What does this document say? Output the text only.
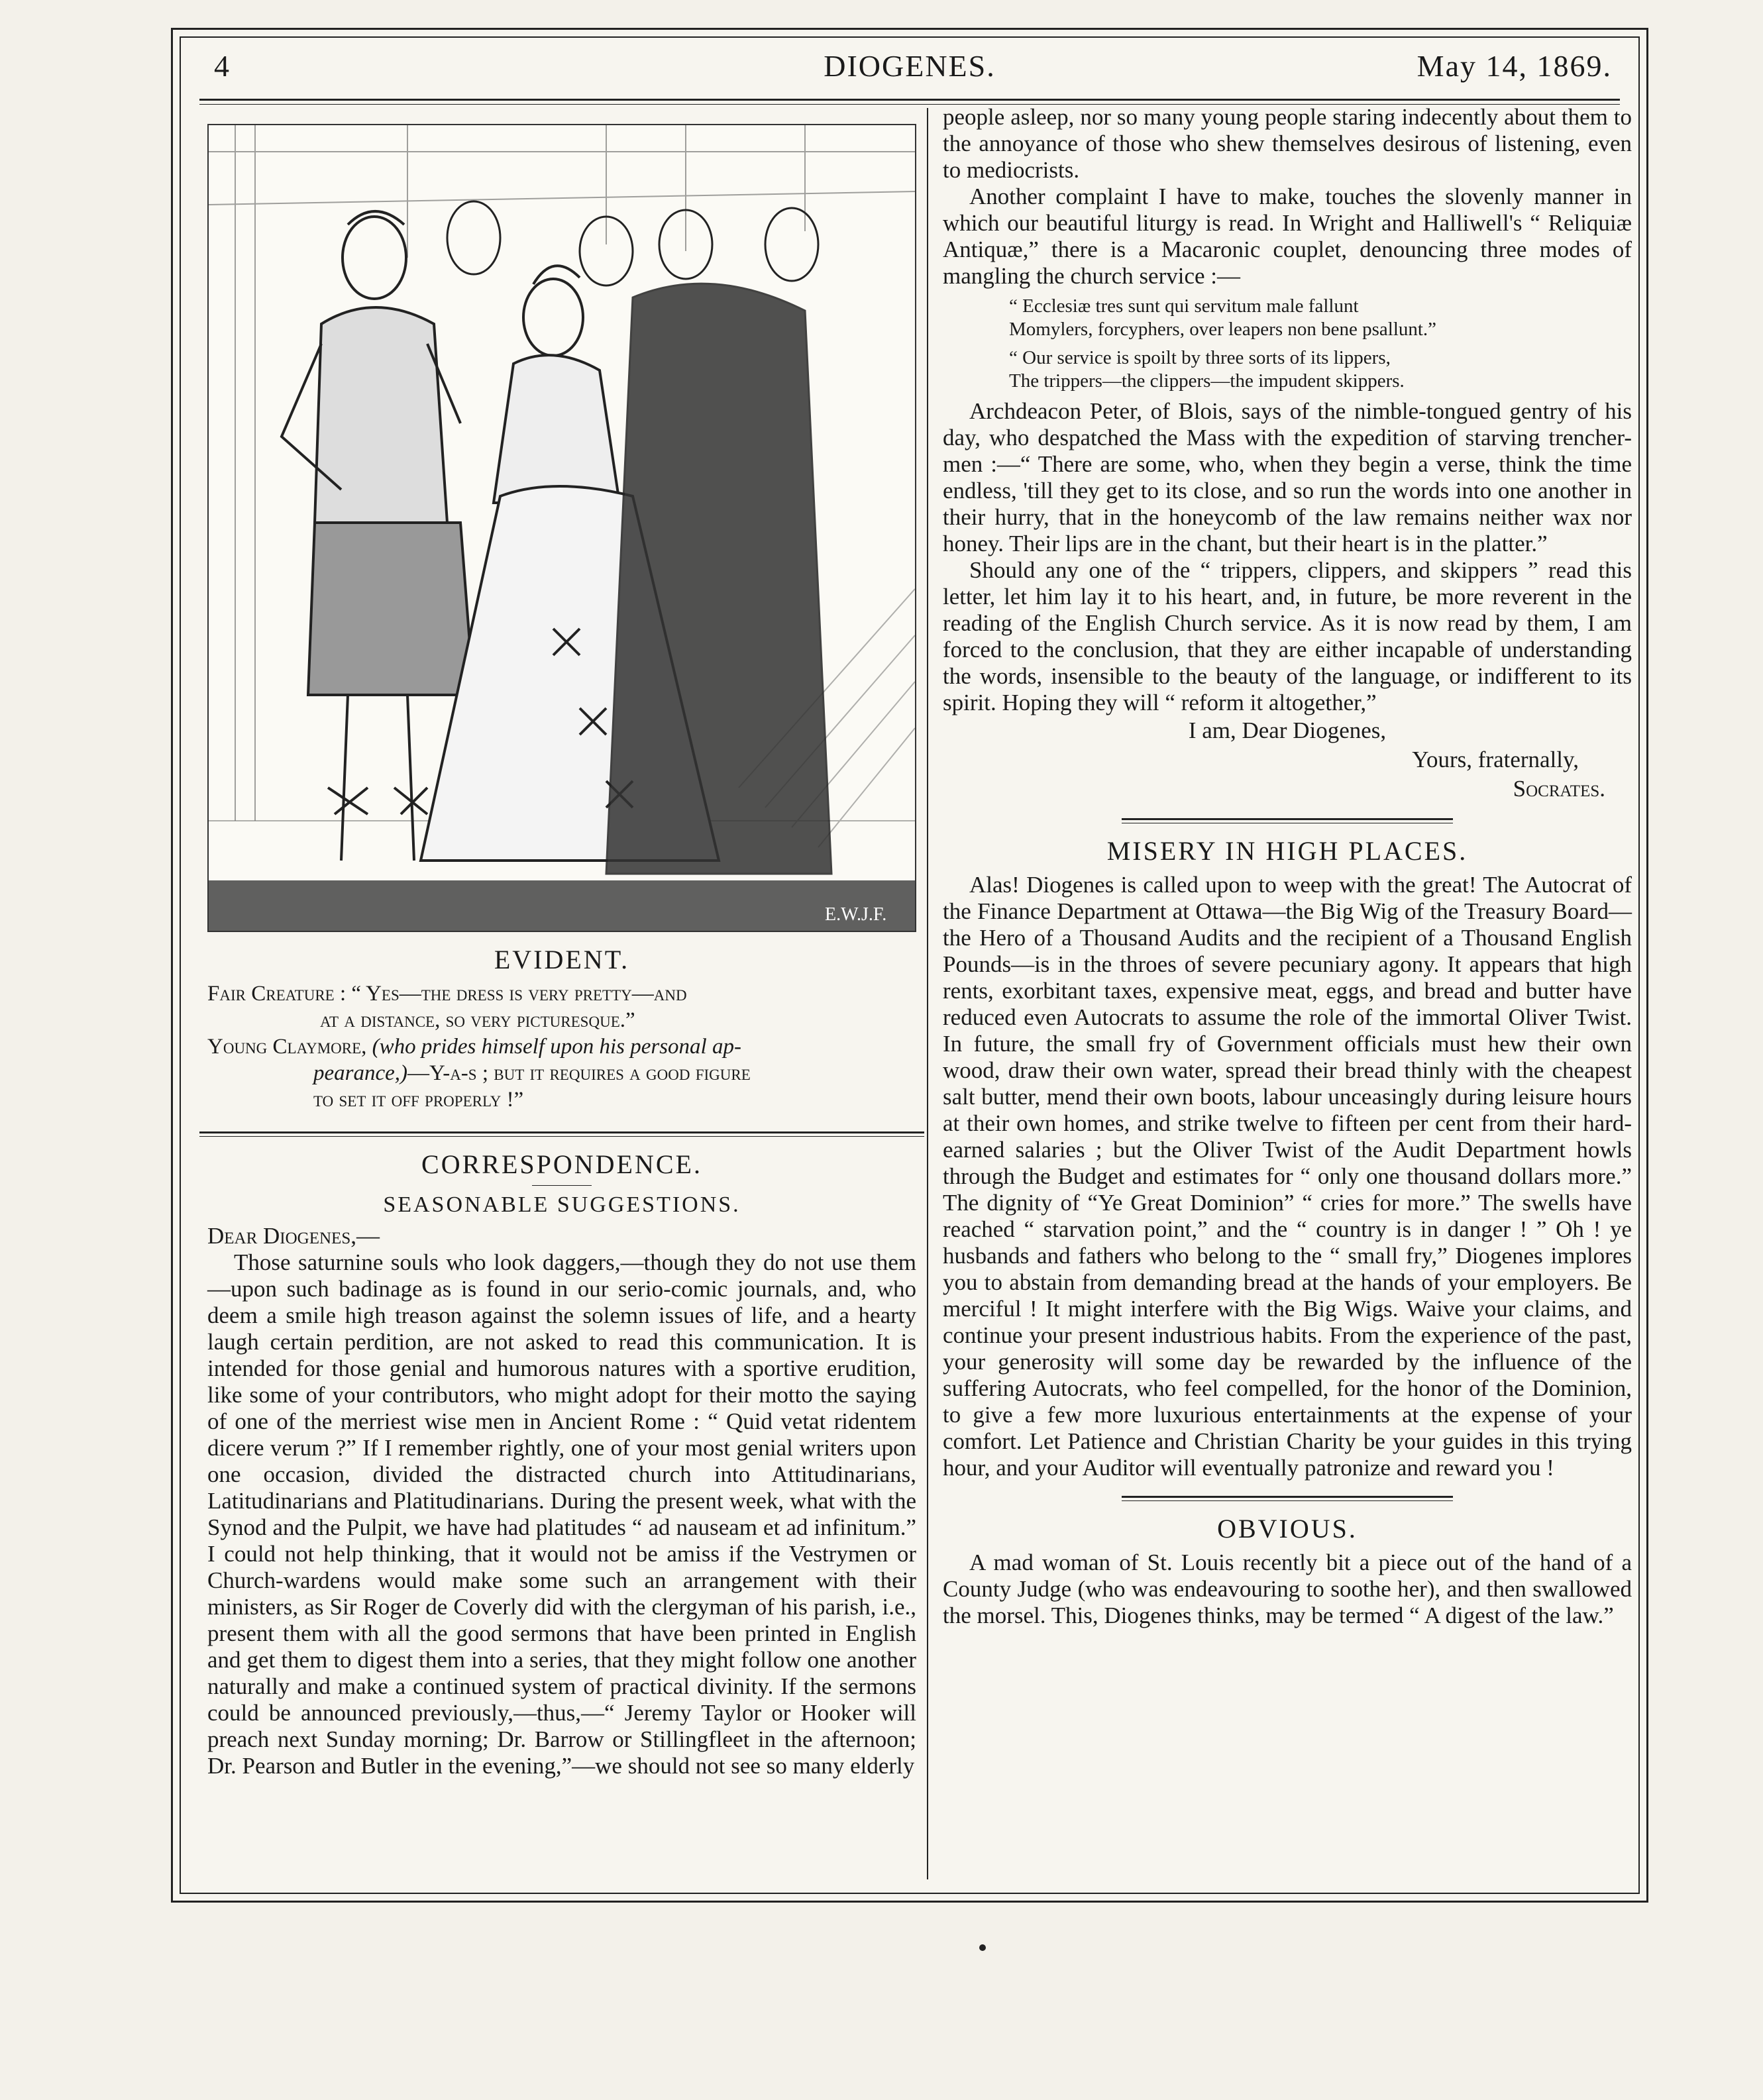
4	DIOGENES.	May 14, 1869.
E.W.J.F.
EVIDENT.
Fair Creature : “ Yes—the dress is very pretty—and
at a distance, so very picturesque.”
Young Claymore, (who prides himself upon his personal ap-
pearance,)—Y-a-s ; but it requires a good figure
to set it off properly !”
CORRESPONDENCE.
SEASONABLE SUGGESTIONS.

Dear Diogenes,—

Those saturnine souls who look daggers,—though they do not use them—upon such badinage as is found in our serio-comic journals, and, who deem a smile high treason against the solemn issues of life, and a hearty laugh certain perdition, are not asked to read this communication. It is intended for those genial and humorous natures with a sportive erudition, like some of your contributors, who might adopt for their motto the saying of one of the merriest wise men in Ancient Rome : “ Quid vetat ridentem dicere verum ?” If I remember rightly, one of your most genial writers upon one occasion, divided the distracted church into Attitudinarians, Latitudinarians and Platitudinarians. During the present week, what with the Synod and the Pulpit, we have had platitudes “ ad nauseam et ad infinitum.” I could not help thinking, that it would not be amiss if the Vestrymen or Church-wardens would make some such an arrangement with their ministers, as Sir Roger de Coverly did with the clergyman of his parish, i.e., present them with all the good sermons that have been printed in English and get them to digest them into a series, that they might follow one another naturally and make a continued system of practical divinity. If the sermons could be announced previously,—thus,—“ Jeremy Taylor or Hooker will preach next Sunday morning; Dr. Barrow or Stillingfleet in the afternoon; Dr. Pearson and Butler in the evening,”—we should not see so many elderly

people asleep, nor so many young people staring indecently about them to the annoyance of those who shew themselves desirous of listening, even to mediocrists.

Another complaint I have to make, touches the slovenly manner in which our beautiful liturgy is read. In Wright and Halliwell's “ Reliquiæ Antiquæ,” there is a Macaronic couplet, denouncing three modes of mangling the church service :—

“ Ecclesiæ tres sunt qui servitum male fallunt
Momylers, forcyphers, over leapers non bene psallunt.”
“ Our service is spoilt by three sorts of its lippers,
The trippers—the clippers—the impudent skippers.

Archdeacon Peter, of Blois, says of the nimble-tongued gentry of his day, who despatched the Mass with the expedition of starving trencher-men :—“ There are some, who, when they begin a verse, think the time endless, 'till they get to its close, and so run the words into one another in their hurry, that in the honeycomb of the law remains neither wax nor honey. Their lips are in the chant, but their heart is in the platter.”

Should any one of the “ trippers, clippers, and skippers ” read this letter, let him lay it to his heart, and, in future, be more reverent in the reading of the English Church service. As it is now read by them, I am forced to the conclusion, that they are either incapable of understanding the words, insensible to the beauty of the language, or indifferent to its spirit. Hoping they will “ reform it altogether,”

I am, Dear Diogenes,
Yours, fraternally,
Socrates.
MISERY IN HIGH PLACES.

Alas! Diogenes is called upon to weep with the great! The Autocrat of the Finance Department at Ottawa—the Big Wig of the Treasury Board—the Hero of a Thousand Audits and the recipient of a Thousand English Pounds—is in the throes of severe pecuniary agony. It appears that high rents, exorbitant taxes, expensive meat, eggs, and bread and butter have reduced even Autocrats to assume the role of the immortal Oliver Twist. In future, the small fry of Government officials must hew their own wood, draw their own water, spread their bread thinly with the cheapest salt butter, mend their own boots, labour unceasingly during leisure hours at their own homes, and strike twelve to fifteen per cent from their hard-earned salaries ; but the Oliver Twist of the Audit Department howls through the Budget and estimates for “ only one thousand dollars more.” The dignity of “Ye Great Dominion” “ cries for more.” The swells have reached “ starvation point,” and the “ country is in danger ! ” Oh ! ye husbands and fathers who belong to the “ small fry,” Diogenes implores you to abstain from demanding bread at the hands of your employers. Be merciful ! It might interfere with the Big Wigs. Waive your claims, and continue your present industrious habits. From the experience of the past, your generosity will some day be rewarded by the influence of the suffering Autocrats, who feel compelled, for the honor of the Dominion, to give a few more luxurious entertainments at the expense of your comfort. Let Patience and Christian Charity be your guides in this trying hour, and your Auditor will eventually patronize and reward you !

OBVIOUS.

A mad woman of St. Louis recently bit a piece out of the hand of a County Judge (who was endeavouring to soothe her), and then swallowed the morsel. This, Diogenes thinks, may be termed “ A digest of the law.”
